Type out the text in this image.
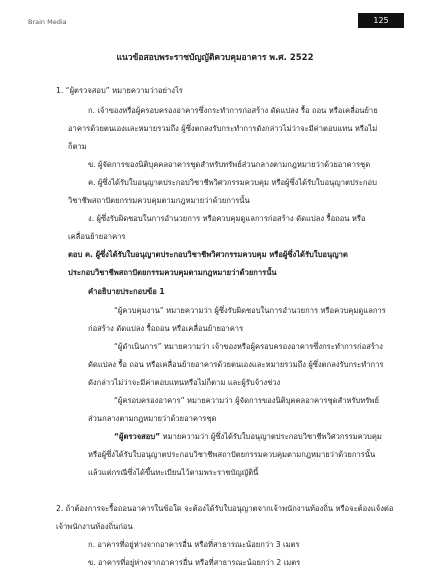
Brain Media	125
แนวข้อสอบพระราชบัญญัติควบคุมอาคาร พ.ศ. 2522
1. “ผู้ตรวจสอบ” หมายความว่าอย่างไร
ก. เจ้าของหรือผู้ครอบครองอาคารซึ่งกระทำการก่อสร้าง ดัดแปลง รื้อ ถอน หรือเคลื่อนย้าย
อาคารด้วยตนเองและหมายรวมถึง ผู้ซึ่งตกลงรับกระทำการดังกล่าวไม่ว่าจะมีค่าตอบแทน หรือไม่
ก็ตาม
ข. ผู้จัดการของนิติบุคคลอาคารชุดสำหรับทรัพย์ส่วนกลางตามกฎหมายว่าด้วยอาคารชุด
ค. ผู้ซึ่งได้รับใบอนุญาตประกอบวิชาชีพวิศวกรรมควบคุม หรือผู้ซึ่งได้รับใบอนุญาตประกอบ
วิชาชีพสถาปัตยกรรมควบคุมตามกฎหมายว่าด้วยการนั้น
ง. ผู้ซึ่งรับผิดชอบในการอำนวยการ หรือควบคุมดูแลการก่อสร้าง ดัดแปลง รื้อถอน หรือ
เคลื่อนย้ายอาคาร
ตอบ ค. ผู้ซึ่งได้รับใบอนุญาตประกอบวิชาชีพวิศวกรรมควบคุม หรือผู้ซึ่งได้รับใบอนุญาต
ประกอบวิชาชีพสถาปัตยกรรมควบคุมตามกฎหมายว่าด้วยการนั้น
คำอธิบายประกอบข้อ 1
“ผู้ควบคุมงาน” หมายความว่า ผู้ซึ่งรับผิดชอบในการอำนวยการ หรือควบคุมดูแลการ
ก่อสร้าง ดัดแปลง รื้อถอน หรือเคลื่อนย้ายอาคาร
“ผู้ดำเนินการ” หมายความว่า เจ้าของหรือผู้ครอบครองอาคารซึ่งกระทำการก่อสร้าง
ดัดแปลง รื้อ ถอน หรือเคลื่อนย้ายอาคารด้วยตนเองและหมายรวมถึง ผู้ซึ่งตกลงรับกระทำการ
ดังกล่าวไม่ว่าจะมีค่าตอบแทนหรือไม่ก็ตาม และผู้รับจ้างช่วง
“ผู้ครอบครองอาคาร” หมายความว่า ผู้จัดการของนิติบุคคลอาคารชุดสำหรับทรัพย์
ส่วนกลางตามกฎหมายว่าด้วยอาคารชุด
“ผู้ตรวจสอบ” หมายความว่า ผู้ซึ่งได้รับใบอนุญาตประกอบวิชาชีพวิศวกรรมควบคุม
หรือผู้ซึ่งได้รับใบอนุญาตประกอบวิชาชีพสถาปัตยกรรมควบคุมตามกฎหมายว่าด้วยการนั้น
แล้วแต่กรณีซึ่งได้ขึ้นทะเบียนไว้ตามพระราชบัญญัตินี้
2. ถ้าต้องการจะรื้อถอนอาคารในข้อใด จะต้องได้รับใบอนุญาตจากเจ้าพนักงานท้องถิ่น หรือจะต้องแจ้งต่อ
เจ้าพนักงานท้องถิ่นก่อน
ก. อาคารที่อยู่ห่างจากอาคารอื่น หรือที่สาธารณะน้อยกว่า 3 เมตร
ข. อาคารที่อยู่ห่างจากอาคารอื่น หรือที่สาธารณะน้อยกว่า 2 เมตร
